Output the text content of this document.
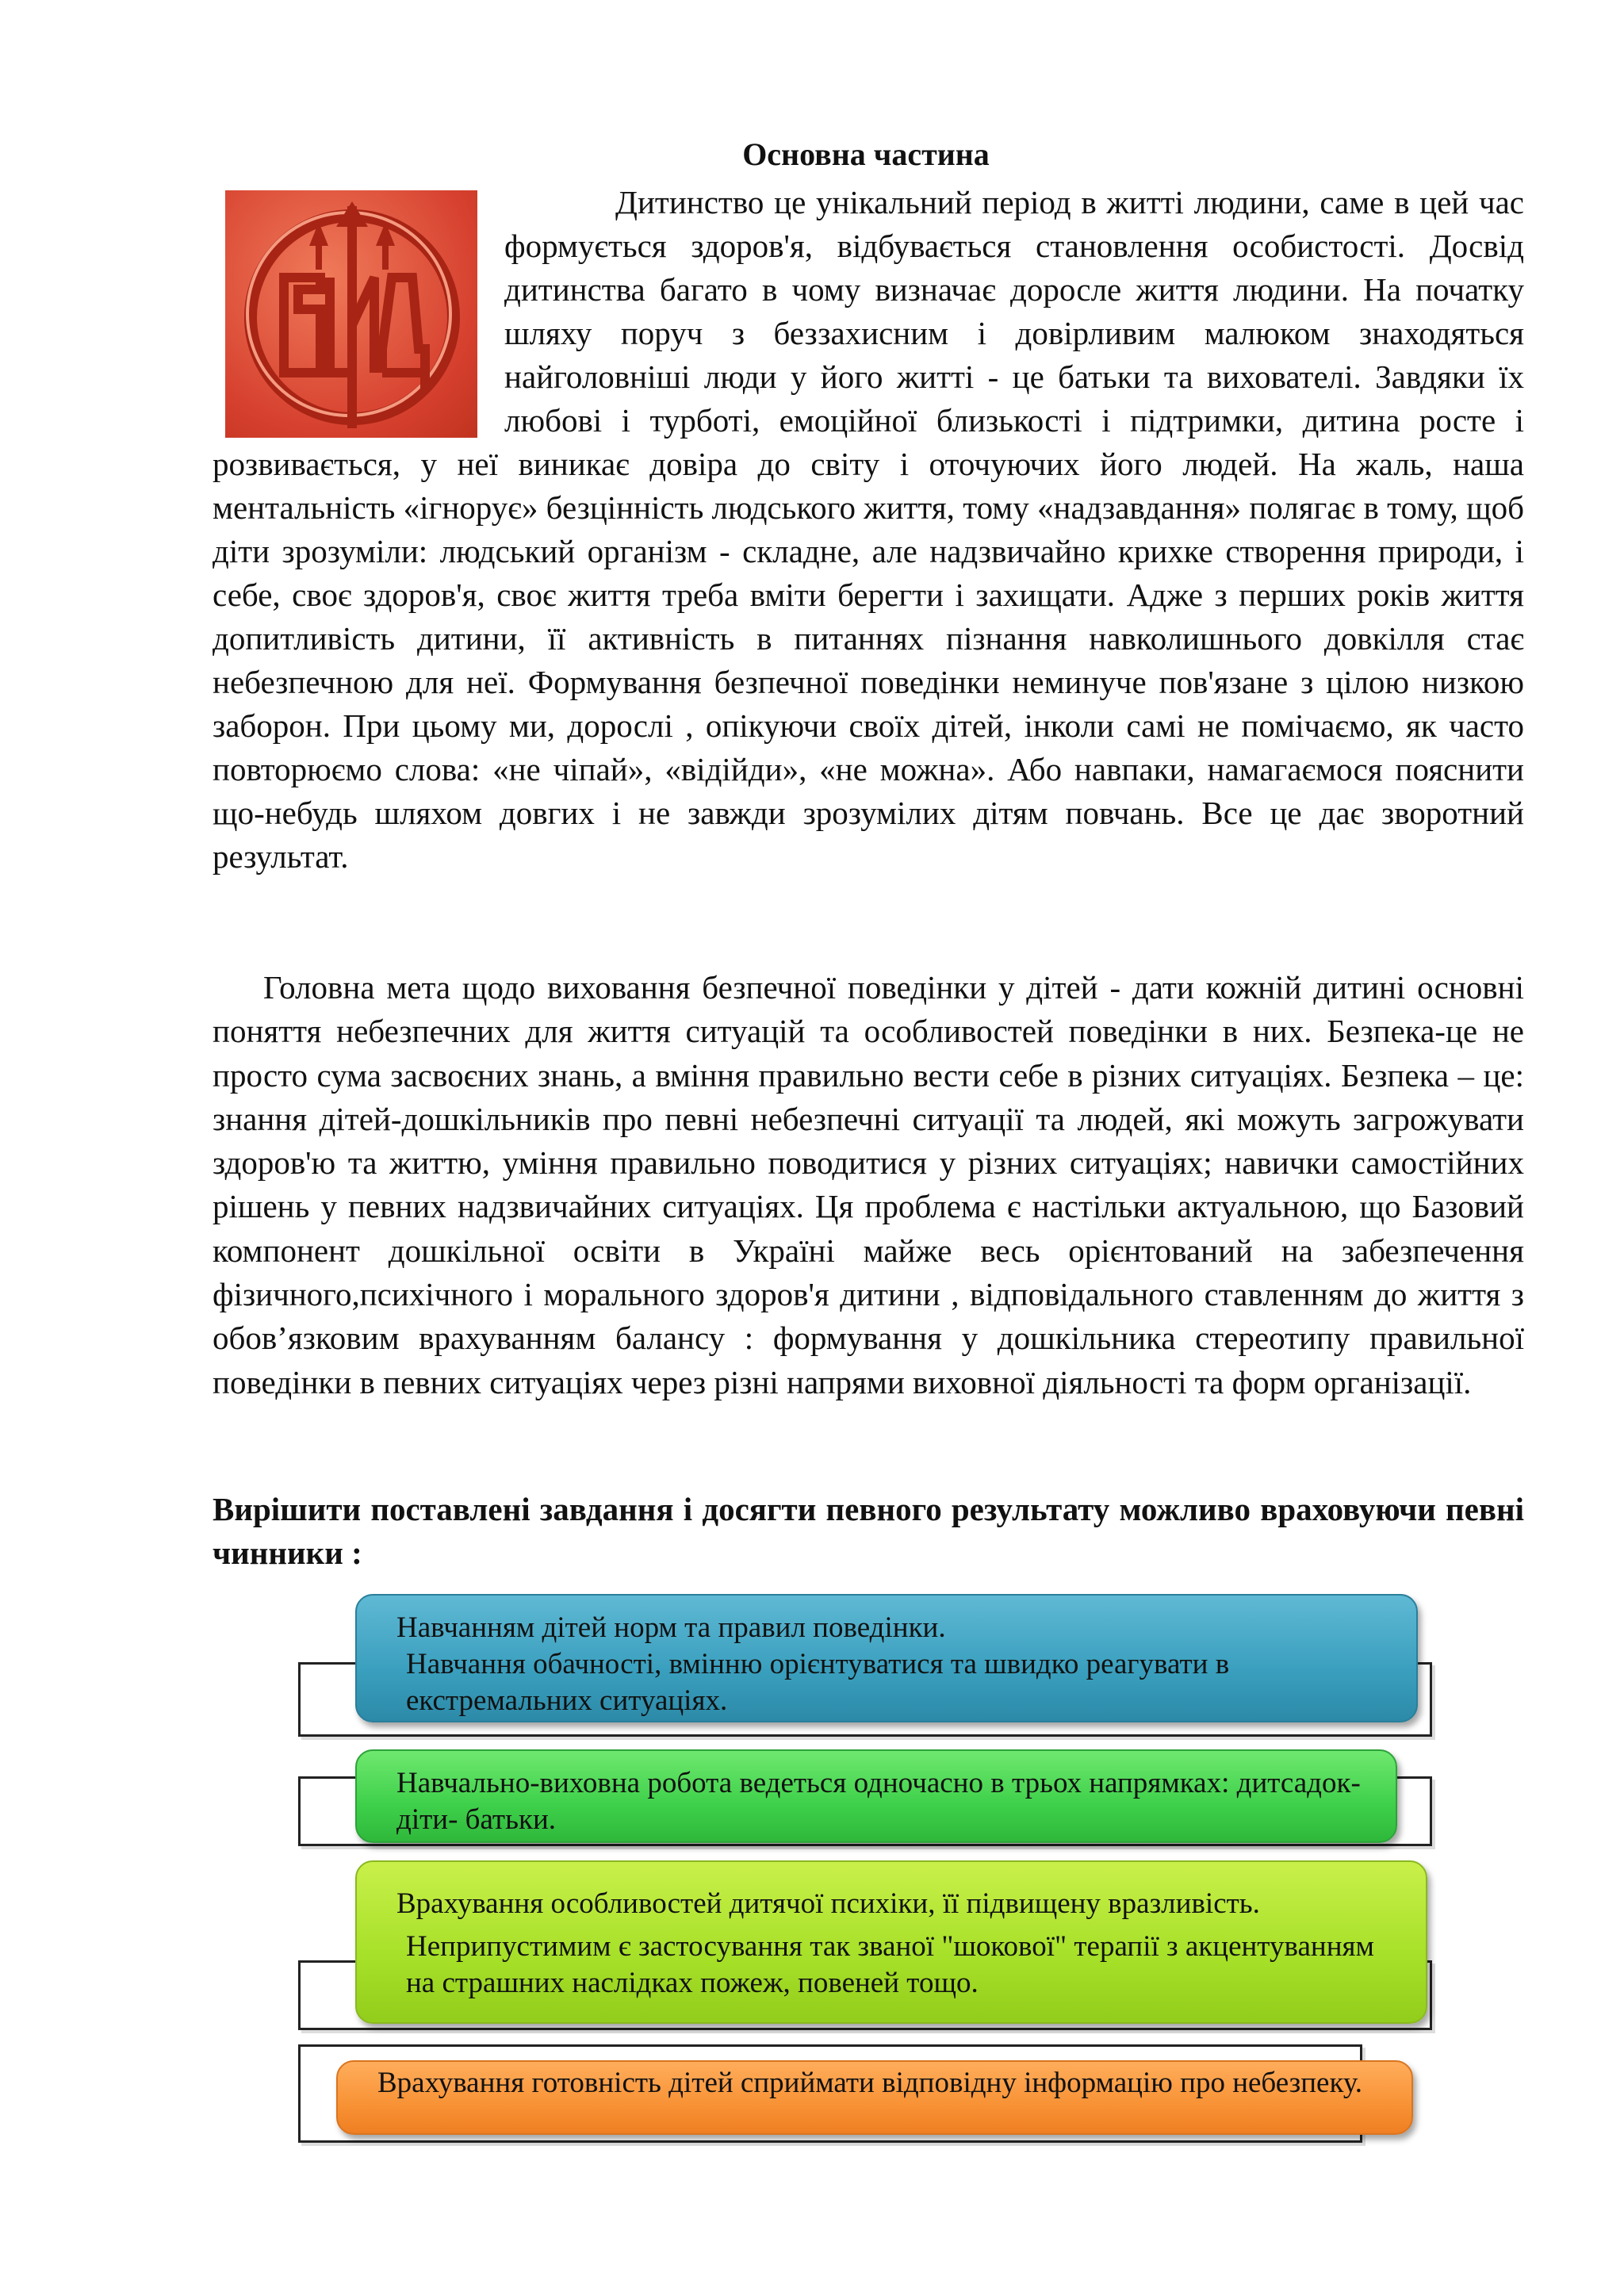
Основна частина
Дитинство це унікальний період в житті людини, саме в цей час формується здоров'я, відбувається становлення особистості. Досвід дитинства багато в чому визначає доросле життя людини. На початку шляху поруч з беззахисним і довірливим малюком знаходяться найголовніші люди у його житті - це батьки та вихователі. Завдяки їх любові і турботі, емоційної близькості і підтримки, дитина росте і розвивається, у неї виникає довіра до світу і оточуючих його людей. На жаль, наша ментальність «ігнорує» безцінність людського життя, тому «надзавдання» полягає в тому, щоб діти зрозуміли: людський організм - складне, але надзвичайно крихке створення природи, і себе, своє здоров'я, своє життя треба вміти берегти і захищати. Адже з перших років життя допитливість дитини, її активність в питаннях пізнання навколишнього довкілля стає небезпечною для неї. Формування безпечної поведінки неминуче пов'язане з цілою низкою заборон. При цьому ми, дорослі , опікуючи своїх дітей, інколи самі не помічаємо, як часто повторюємо слова: «не чіпай», «відійди», «не можна». Або навпаки, намагаємося пояснити що-небудь шляхом довгих і не завжди зрозумілих дітям повчань. Все це дає зворотний результат.
Головна мета щодо виховання безпечної поведінки у дітей - дати кожній дитині основні поняття небезпечних для життя ситуацій та особливостей поведінки в них. Безпека-це не просто сума засвоєних знань, а вміння правильно вести себе в різних ситуаціях. Безпека – це: знання дітей-дошкільників про певні небезпечні ситуації та людей, які можуть загрожувати здоров'ю та життю, уміння правильно поводитися у різних ситуаціях; навички самостійних рішень у певних надзвичайних ситуаціях. Ця проблема є настільки актуальною, що Базовий компонент дошкільної освіти в Україні майже весь орієнтований на забезпечення фізичного,психічного і морального здоров'я дитини , відповідального ставленням до життя з обов’язковим врахуванням балансу : формування у дошкільника стереотипу правильної поведінки в певних ситуаціях через різні напрями виховної діяльності та форм організації.
Вирішити поставлені завдання і досягти певного результату можливо враховуючи певні чинники :

Навчанням дітей норм та правил поведінки.

Навчання обачності, вмінню орієнтуватися та швидко реагувати в екстремальних ситуаціях.

Навчально-виховна робота ведеться одночасно в трьох напрямках: дитсадок- діти- батьки.

Врахування особливостей дитячої психіки, її підвищену вразливість.

Неприпустимим є застосування так званої "шокової" терапії з акцентуванням на страшних наслідках пожеж, повеней тощо.

Врахування готовність дітей сприймати відповідну інформацію про небезпеку.
